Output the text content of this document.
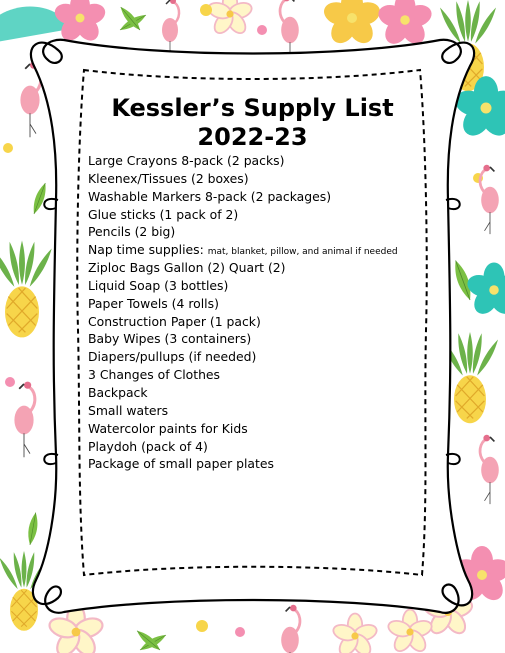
Kessler’s Supply List
2022-23
Large Crayons 8-pack (2 packs)
Kleenex/Tissues (2 boxes)
Washable Markers 8-pack (2 packages)
Glue sticks (1 pack of 2)
Pencils (2 big)
Nap time supplies: mat, blanket, pillow, and animal if needed
Ziploc Bags Gallon (2) Quart (2)
Liquid Soap (3 bottles)
Paper Towels (4 rolls)
Construction Paper (1 pack)
Baby Wipes (3 containers)
Diapers/pullups (if needed)
3 Changes of Clothes
Backpack
Small waters
Watercolor paints for Kids
Playdoh (pack of 4)
Package of small paper plates
